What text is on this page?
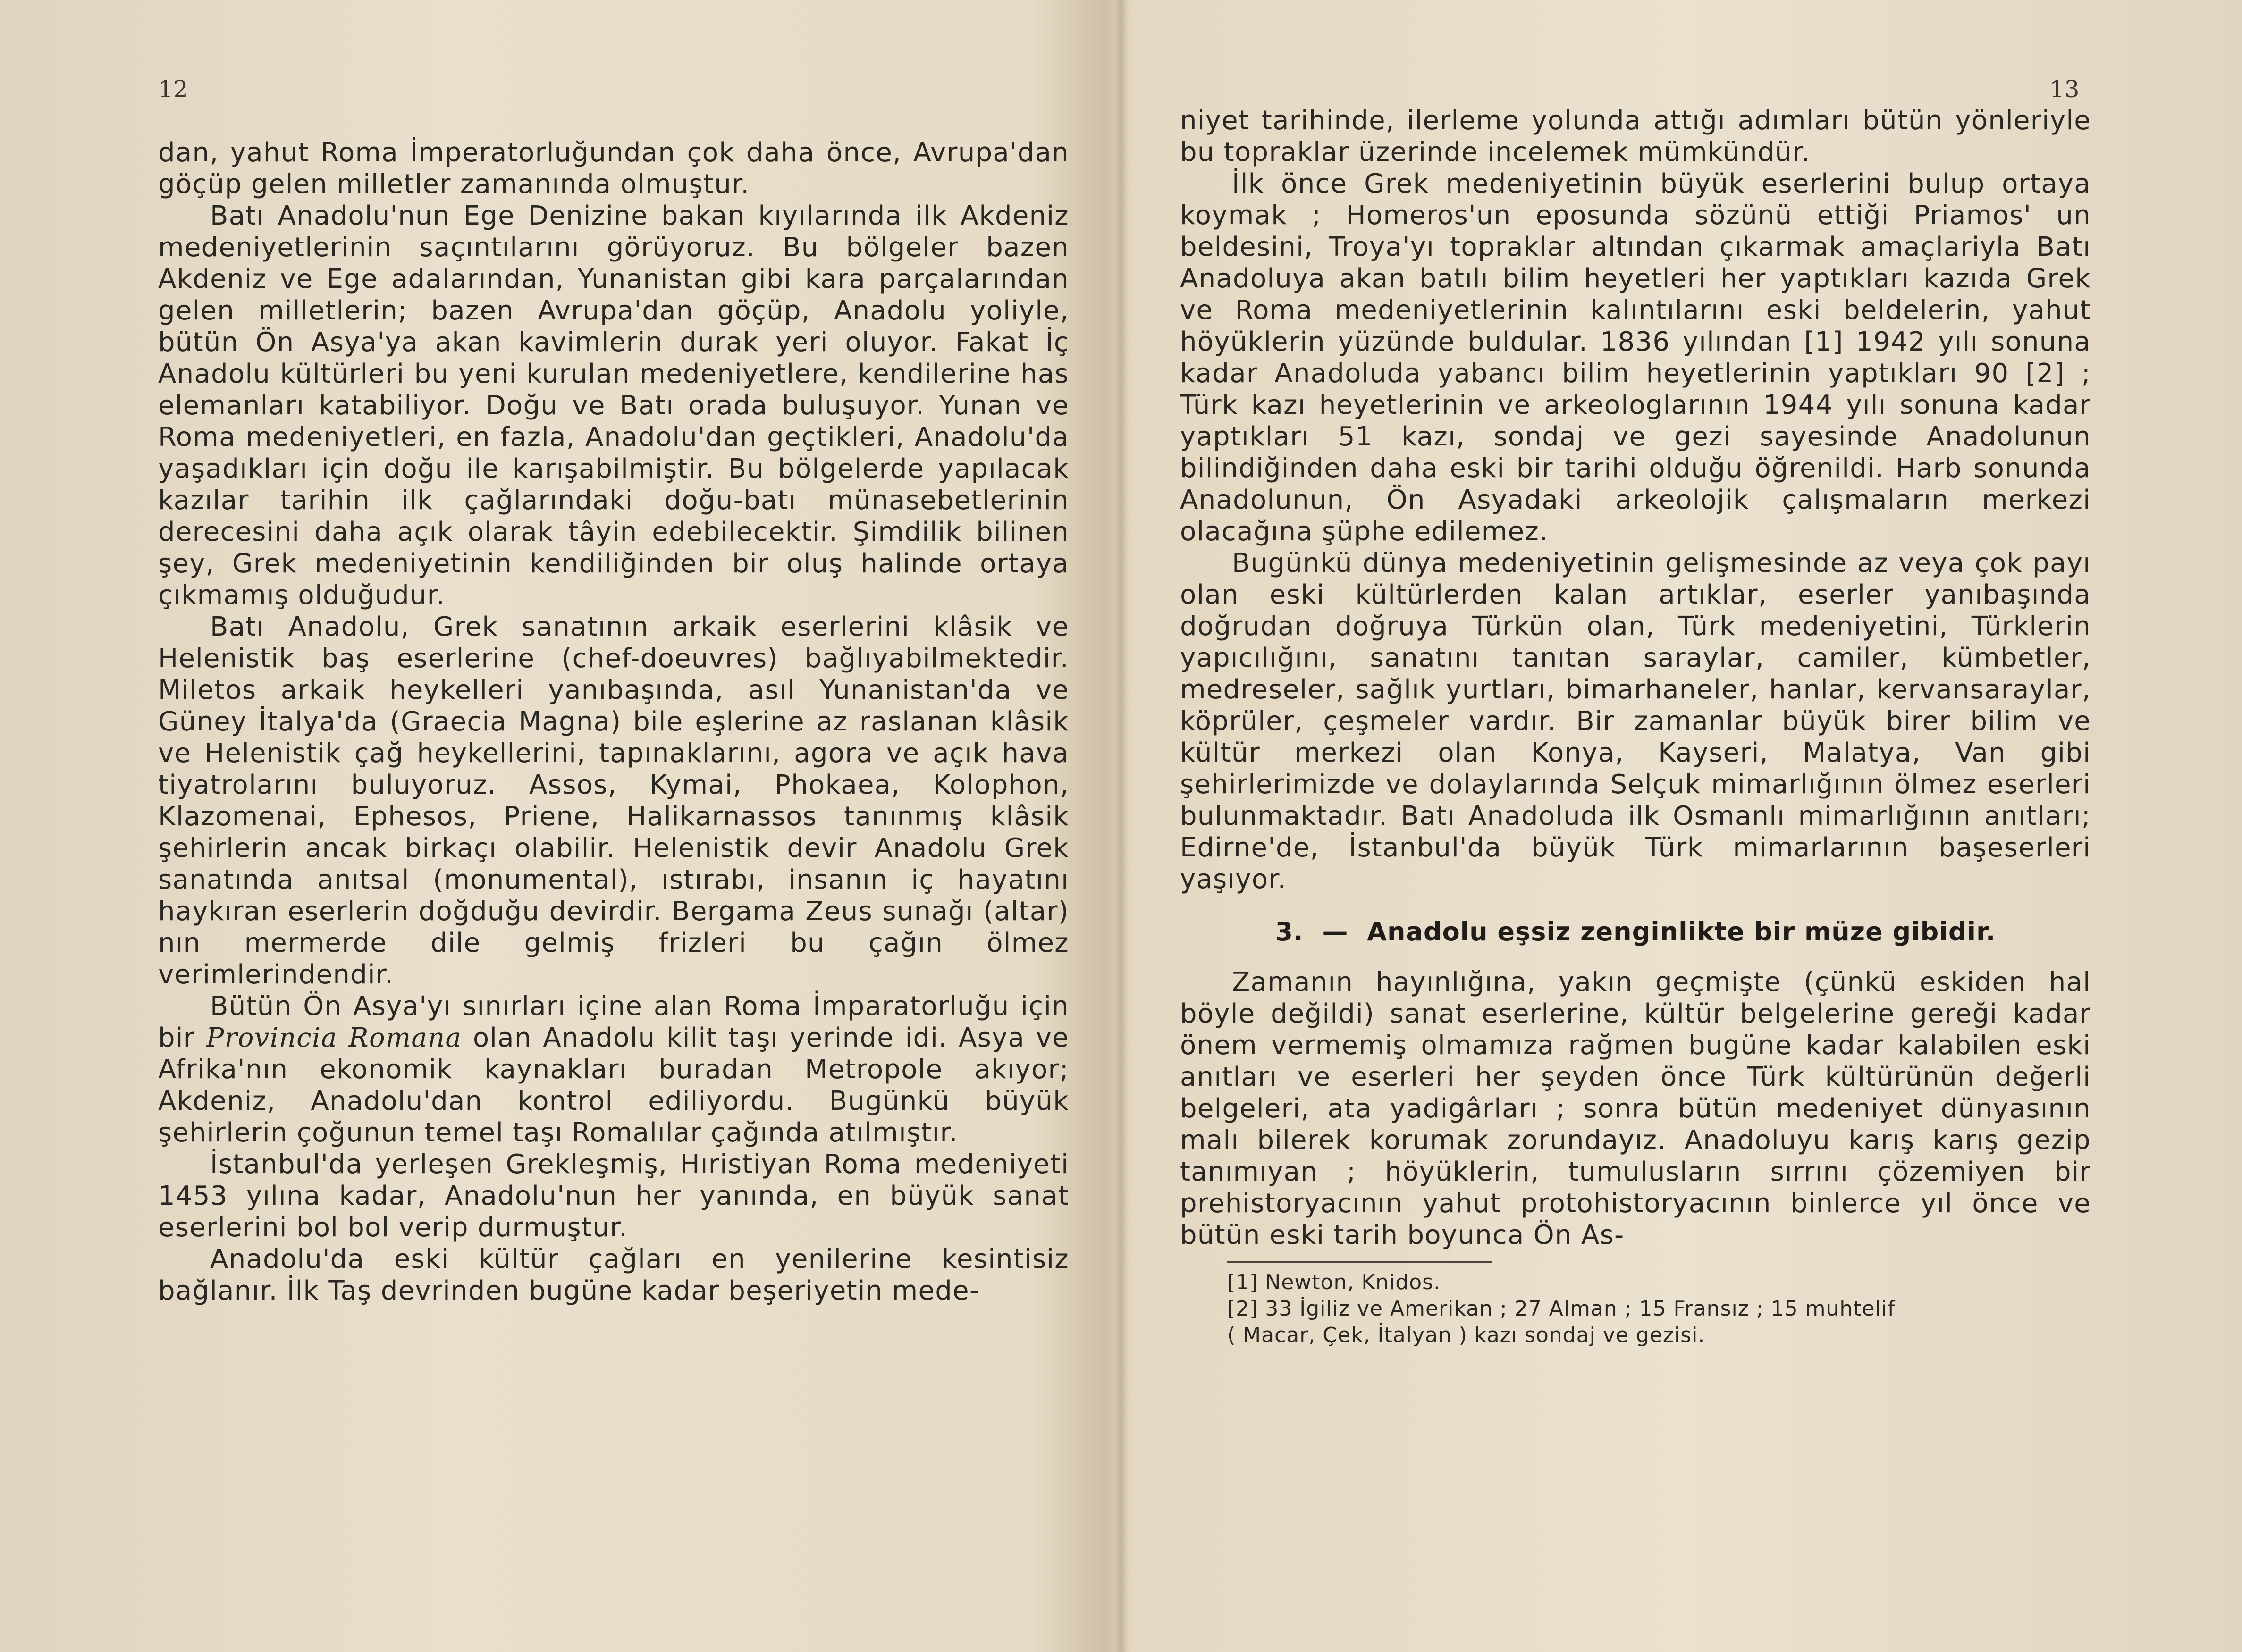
12

dan, yahut Roma İmperatorluğundan çok daha önce, Avrupa'dan göçüp gelen milletler zamanında olmuştur.

Batı Anadolu'nun Ege Denizine bakan kıyılarında ilk Akdeniz medeniyetlerinin saçıntılarını görüyoruz. Bu bölgeler bazen Akdeniz ve Ege adalarından, Yunanistan gibi kara parçalarından gelen milletlerin; bazen Avrupa'dan göçüp, Anadolu yoliyle, bütün Ön Asya'ya akan kavimlerin durak yeri oluyor. Fakat İç Anadolu kültürleri bu yeni kurulan medeniyetlere, kendilerine has elemanları katabiliyor. Doğu ve Batı orada buluşuyor. Yunan ve Roma medeniyetleri, en fazla, Anadolu'dan geçtikleri, Anadolu'da yaşadıkları için doğu ile karışabilmiştir. Bu bölgelerde yapılacak kazılar tarihin ilk çağlarındaki doğu-batı münasebetlerinin derecesini daha açık olarak tâyin edebilecektir. Şimdilik bilinen şey, Grek medeniyetinin kendiliğinden bir oluş halinde ortaya çıkmamış olduğudur.

Batı Anadolu, Grek sanatının arkaik eserlerini klâsik ve Helenistik baş eserlerine (chef-doeuvres) bağlıyabilmektedir. Miletos arkaik heykelleri yanıbaşında, asıl Yunanistan'da ve Güney İtalya'da (Graecia Magna) bile eşlerine az raslanan klâsik ve Helenistik çağ heykellerini, tapınaklarını, agora ve açık hava tiyatrolarını buluyoruz. Assos, Kymai, Phokaea, Kolophon, Klazomenai, Ephesos, Priene, Halikarnassos tanınmış klâsik şehirlerin ancak birkaçı olabilir. Helenistik devir Anadolu Grek sanatında anıtsal (monumental), ıstırabı, insanın iç hayatını haykıran eserlerin doğduğu devirdir. Bergama Zeus sunağı (altar) nın mermerde dile gelmiş frizleri bu çağın ölmez verimlerindendir.

Bütün Ön Asya'yı sınırları içine alan Roma İmparatorluğu için bir Provincia Romana olan Anadolu kilit taşı yerinde idi. Asya ve Afrika'nın ekonomik kaynakları buradan Metropole akıyor; Akdeniz, Anadolu'dan kontrol ediliyordu. Bugünkü büyük şehirlerin çoğunun temel taşı Romalılar çağında atılmıştır.

İstanbul'da yerleşen Grekleşmiş, Hıristiyan Roma medeniyeti 1453 yılına kadar, Anadolu'nun her yanında, en büyük sanat eserlerini bol bol verip durmuştur.

Anadolu'da eski kültür çağları en yenilerine kesintisiz bağlanır. İlk Taş devrinden bugüne kadar beşeriyetin mede-

13

niyet tarihinde, ilerleme yolunda attığı adımları bütün yönleriyle bu topraklar üzerinde incelemek mümkündür.

İlk önce Grek medeniyetinin büyük eserlerini bulup ortaya koymak ; Homeros'un eposunda sözünü ettiği Priamos' un beldesini, Troya'yı topraklar altından çıkarmak amaçlariyla Batı Anadoluya akan batılı bilim heyetleri her yaptıkları kazıda Grek ve Roma medeniyetlerinin kalıntılarını eski beldelerin, yahut höyüklerin yüzünde buldular. 1836 yılından [1] 1942 yılı sonuna kadar Anadoluda yabancı bilim heyetlerinin yaptıkları 90 [2] ; Türk kazı heyetlerinin ve arkeologlarının 1944 yılı sonuna kadar yaptıkları 51 kazı, sondaj ve gezi sayesinde Anadolunun bilindiğinden daha eski bir tarihi olduğu öğrenildi. Harb sonunda Anadolunun, Ön Asyadaki arkeolojik çalışmaların merkezi olacağına şüphe edilemez.

Bugünkü dünya medeniyetinin gelişmesinde az veya çok payı olan eski kültürlerden kalan artıklar, eserler yanıbaşında doğrudan doğruya Türkün olan, Türk medeniyetini, Türklerin yapıcılığını, sanatını tanıtan saraylar, camiler, kümbetler, medreseler, sağlık yurtları, bimarhaneler, hanlar, kervansaraylar, köprüler, çeşmeler vardır. Bir zamanlar büyük birer bilim ve kültür merkezi olan Konya, Kayseri, Malatya, Van gibi şehirlerimizde ve dolaylarında Selçuk mimarlığının ölmez eserleri bulunmaktadır. Batı Anadoluda ilk Osmanlı mimarlığının anıtları; Edirne'de, İstanbul'da büyük Türk mimarlarının başeserleri yaşıyor.

3. — Anadolu eşsiz zenginlikte bir müze gibidir.

Zamanın hayınlığına, yakın geçmişte (çünkü eskiden hal böyle değildi) sanat eserlerine, kültür belgelerine gereği kadar önem vermemiş olmamıza rağmen bugüne kadar kalabilen eski anıtları ve eserleri her şeyden önce Türk kültürünün değerli belgeleri, ata yadigârları ; sonra bütün medeniyet dünyasının malı bilerek korumak zorundayız. Anadoluyu karış karış gezip tanımıyan ; höyüklerin, tumulusların sırrını çözemiyen bir prehistoryacının yahut protohistoryacının binlerce yıl önce ve bütün eski tarih boyunca Ön As-

[1] Newton, Knidos.
[2] 33 İgiliz ve Amerikan ; 27 Alman ; 15 Fransız ; 15 muhtelif
( Macar, Çek, İtalyan ) kazı sondaj ve gezisi.
